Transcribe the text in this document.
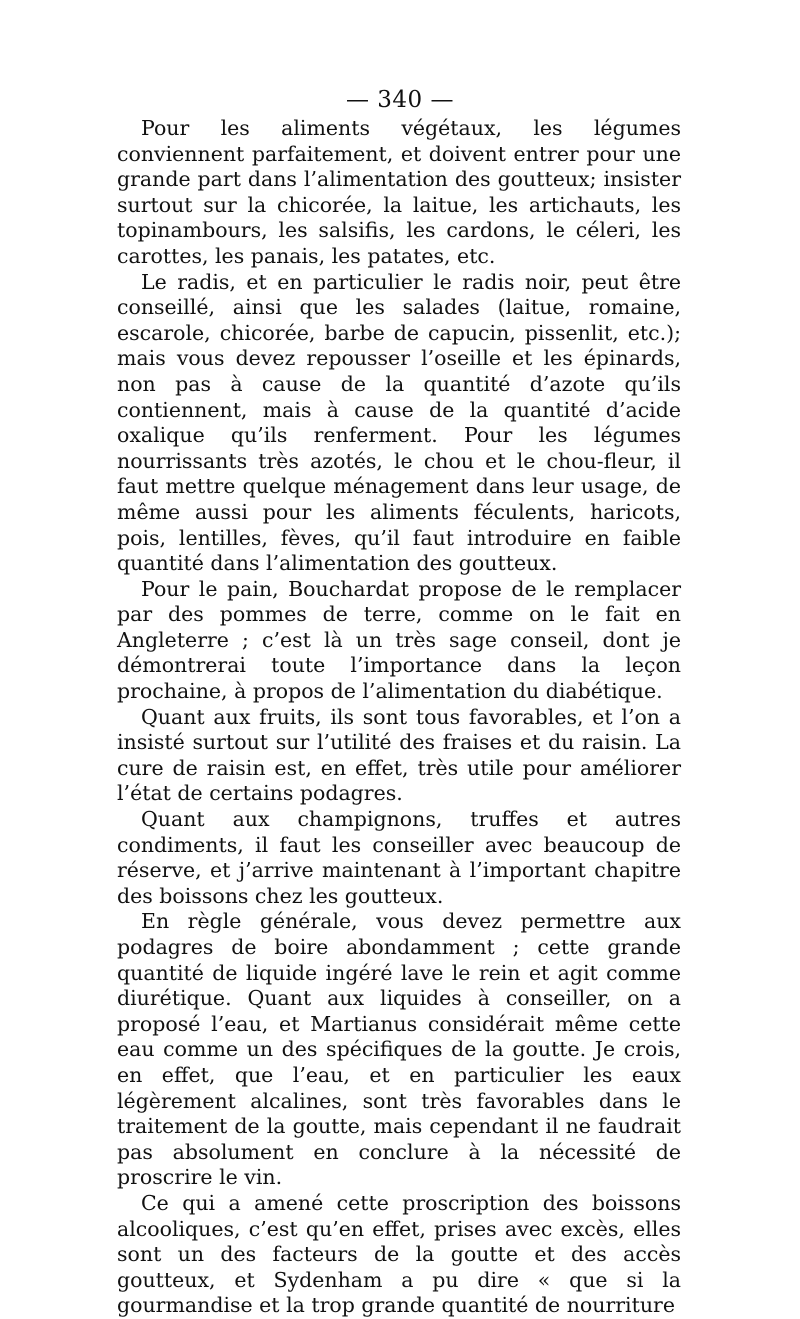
— 340 —

Pour les aliments végétaux, les légumes conviennent parfaitement, et doivent entrer pour une grande part dans l’alimentation des goutteux; insister surtout sur la chicorée, la laitue, les artichauts, les topinambours, les salsifis, les cardons, le céleri, les carottes, les panais, les patates, etc.

Le radis, et en particulier le radis noir, peut être conseillé, ainsi que les salades (laitue, romaine, escarole, chicorée, barbe de capucin, pissenlit, etc.); mais vous devez repousser l’oseille et les épinards, non pas à cause de la quantité d’azote qu’ils contiennent, mais à cause de la quantité d’acide oxalique qu’ils renferment. Pour les légumes nourrissants très azotés, le chou et le chou-fleur, il faut mettre quelque ménagement dans leur usage, de même aussi pour les aliments féculents, haricots, pois, lentilles, fèves, qu’il faut introduire en faible quantité dans l’alimentation des goutteux.

Pour le pain, Bouchardat propose de le remplacer par des pommes de terre, comme on le fait en Angleterre ; c’est là un très sage conseil, dont je démontrerai toute l’importance dans la leçon prochaine, à propos de l’alimentation du diabétique.

Quant aux fruits, ils sont tous favorables, et l’on a insisté surtout sur l’utilité des fraises et du raisin. La cure de raisin est, en effet, très utile pour améliorer l’état de certains podagres.

Quant aux champignons, truffes et autres condiments, il faut les conseiller avec beaucoup de réserve, et j’arrive maintenant à l’important chapitre des boissons chez les goutteux.

En règle générale, vous devez permettre aux podagres de boire abondamment ; cette grande quantité de liquide ingéré lave le rein et agit comme diurétique. Quant aux liquides à conseiller, on a proposé l’eau, et Martianus considérait même cette eau comme un des spécifiques de la goutte. Je crois, en effet, que l’eau, et en particulier les eaux légèrement alcalines, sont très favorables dans le traitement de la goutte, mais cependant il ne faudrait pas absolument en conclure à la nécessité de proscrire le vin.

Ce qui a amené cette proscription des boissons alcooliques, c’est qu’en effet, prises avec excès, elles sont un des facteurs de la goutte et des accès goutteux, et Sydenham a pu dire « que si la gourmandise et la trop grande quantité de nourriture
